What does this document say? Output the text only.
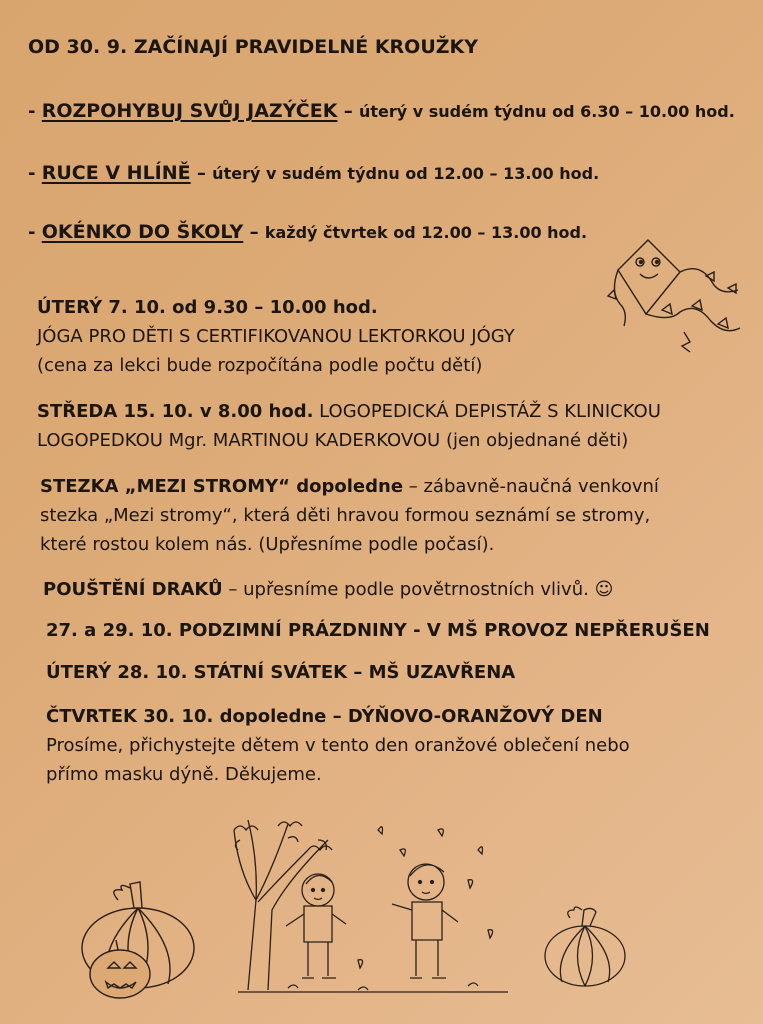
OD 30. 9. ZAČÍNAJÍ PRAVIDELNÉ KROUŽKY
- ROZPOHYBUJ SVŮJ JAZÝČEK – úterý v sudém týdnu od 6.30 – 10.00 hod.
- RUCE V HLÍNĚ – úterý v sudém týdnu od 12.00 – 13.00 hod.
- OKÉNKO DO ŠKOLY – každý čtvrtek od 12.00 – 13.00 hod.
ÚTERÝ 7. 10. od 9.30 – 10.00 hod.
JÓGA PRO DĚTI S CERTIFIKOVANOU LEKTORKOU JÓGY
(cena za lekci bude rozpočítána podle počtu dětí)
STŘEDA 15. 10. v 8.00 hod. LOGOPEDICKÁ DEPISTÁŽ S KLINICKOU
LOGOPEDKOU Mgr. MARTINOU KADERKOVOU (jen objednané děti)
STEZKA „MEZI STROMY“ dopoledne – zábavně-naučná venkovní
stezka „Mezi stromy“, která děti hravou formou seznámí se stromy,
které rostou kolem nás. (Upřesníme podle počasí).
POUŠTĚNÍ DRAKŮ – upřesníme podle povětrnostních vlivů. ☺
27. a 29. 10. PODZIMNÍ PRÁZDNINY - V MŠ PROVOZ NEPŘERUŠEN
ÚTERÝ 28. 10. STÁTNÍ SVÁTEK – MŠ UZAVŘENA
ČTVRTEK 30. 10. dopoledne – DÝŇOVO-ORANŽOVÝ DEN
Prosíme, přichystejte dětem v tento den oranžové oblečení nebo
přímo masku dýně. Děkujeme.
